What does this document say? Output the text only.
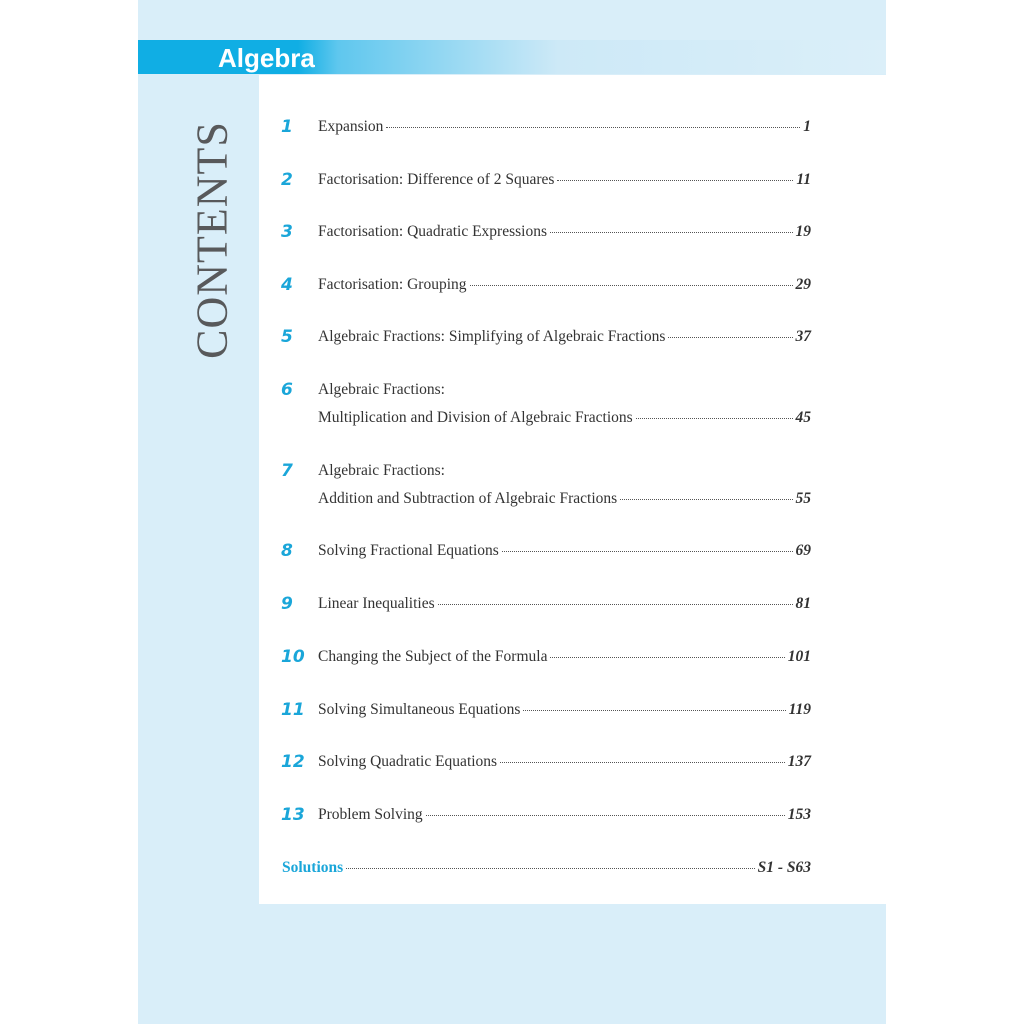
Algebra
CONTENTS	1	Expansion	1
2	Factorisation: Difference of 2 Squares	11
3	Factorisation: Quadratic Expressions	19
4	Factorisation: Grouping	29
5	Algebraic Fractions: Simplifying of Algebraic Fractions	37
6	Algebraic Fractions:
Multiplication and Division of Algebraic Fractions	45
7	Algebraic Fractions:
Addition and Subtraction of Algebraic Fractions	55
8	Solving Fractional Equations	69
9	Linear Inequalities	81
10 Changing the Subject of the Formula	101
11 Solving Simultaneous Equations	119
12 Solving Quadratic Equations	137
13 Problem Solving	153
Solutions	S1 - S63
